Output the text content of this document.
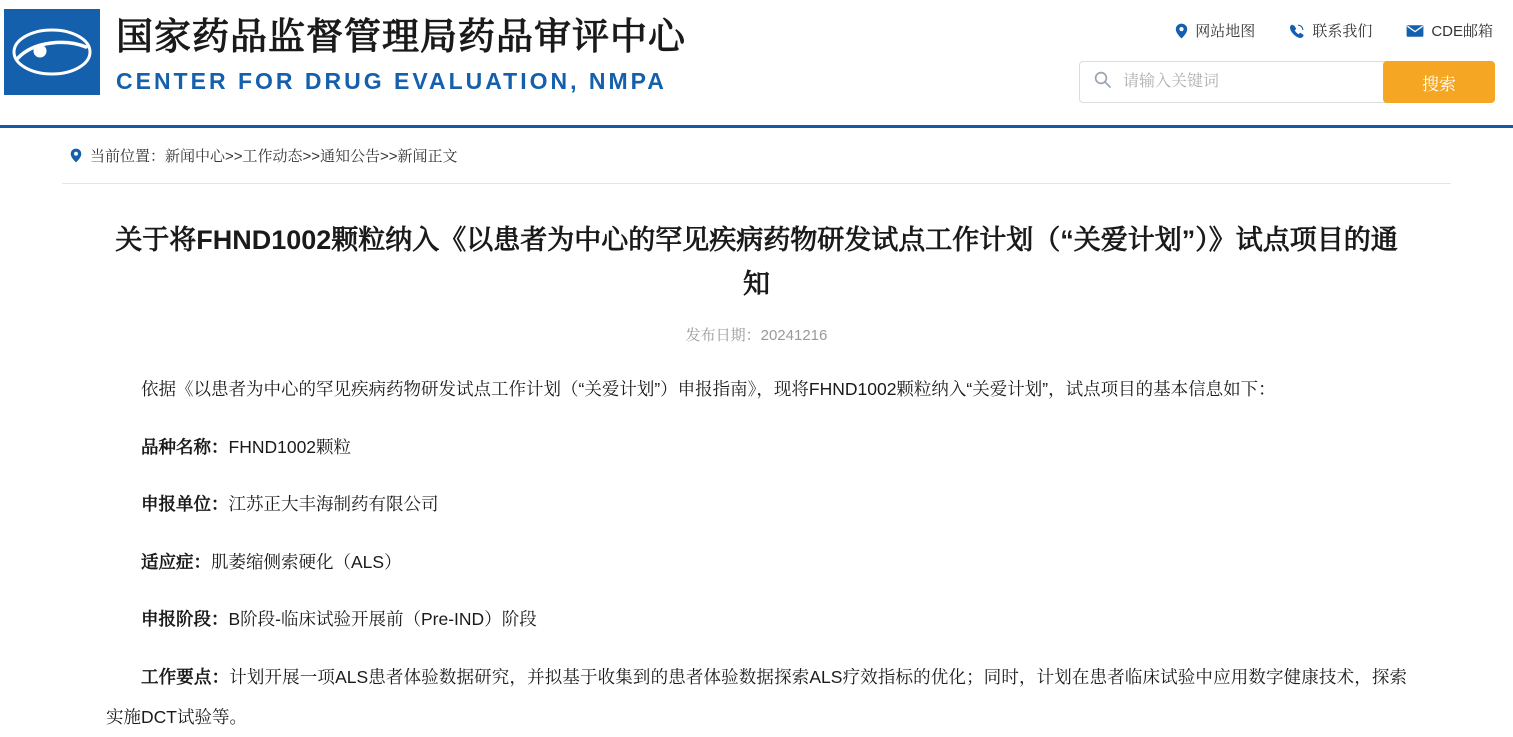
国家药品监督管理局药品审评中心
CENTER FOR DRUG EVALUATION, NMPA
网站地图	联系我们	CDE邮箱
请输入关键词
搜索
当前位置：新闻中心>>工作动态>>通知公告>>新闻正文
关于将FHND1002颗粒纳入《以患者为中心的罕见疾病药物研发试点工作计划（“关爱计划”）》试点项目的通知
发布日期：20241216

依据《以患者为中心的罕见疾病药物研发试点工作计划（“关爱计划”）申报指南》，现将FHND1002颗粒纳入“关爱计划”，试点项目的基本信息如下：

品种名称：FHND1002颗粒

申报单位：江苏正大丰海制药有限公司

适应症：肌萎缩侧索硬化（ALS）

申报阶段：B阶段-临床试验开展前（Pre-IND）阶段

工作要点：计划开展一项ALS患者体验数据研究，并拟基于收集到的患者体验数据探索ALS疗效指标的优化；同时，计划在患者临床试验中应用数字健康技术，探索实施DCT试验等。
